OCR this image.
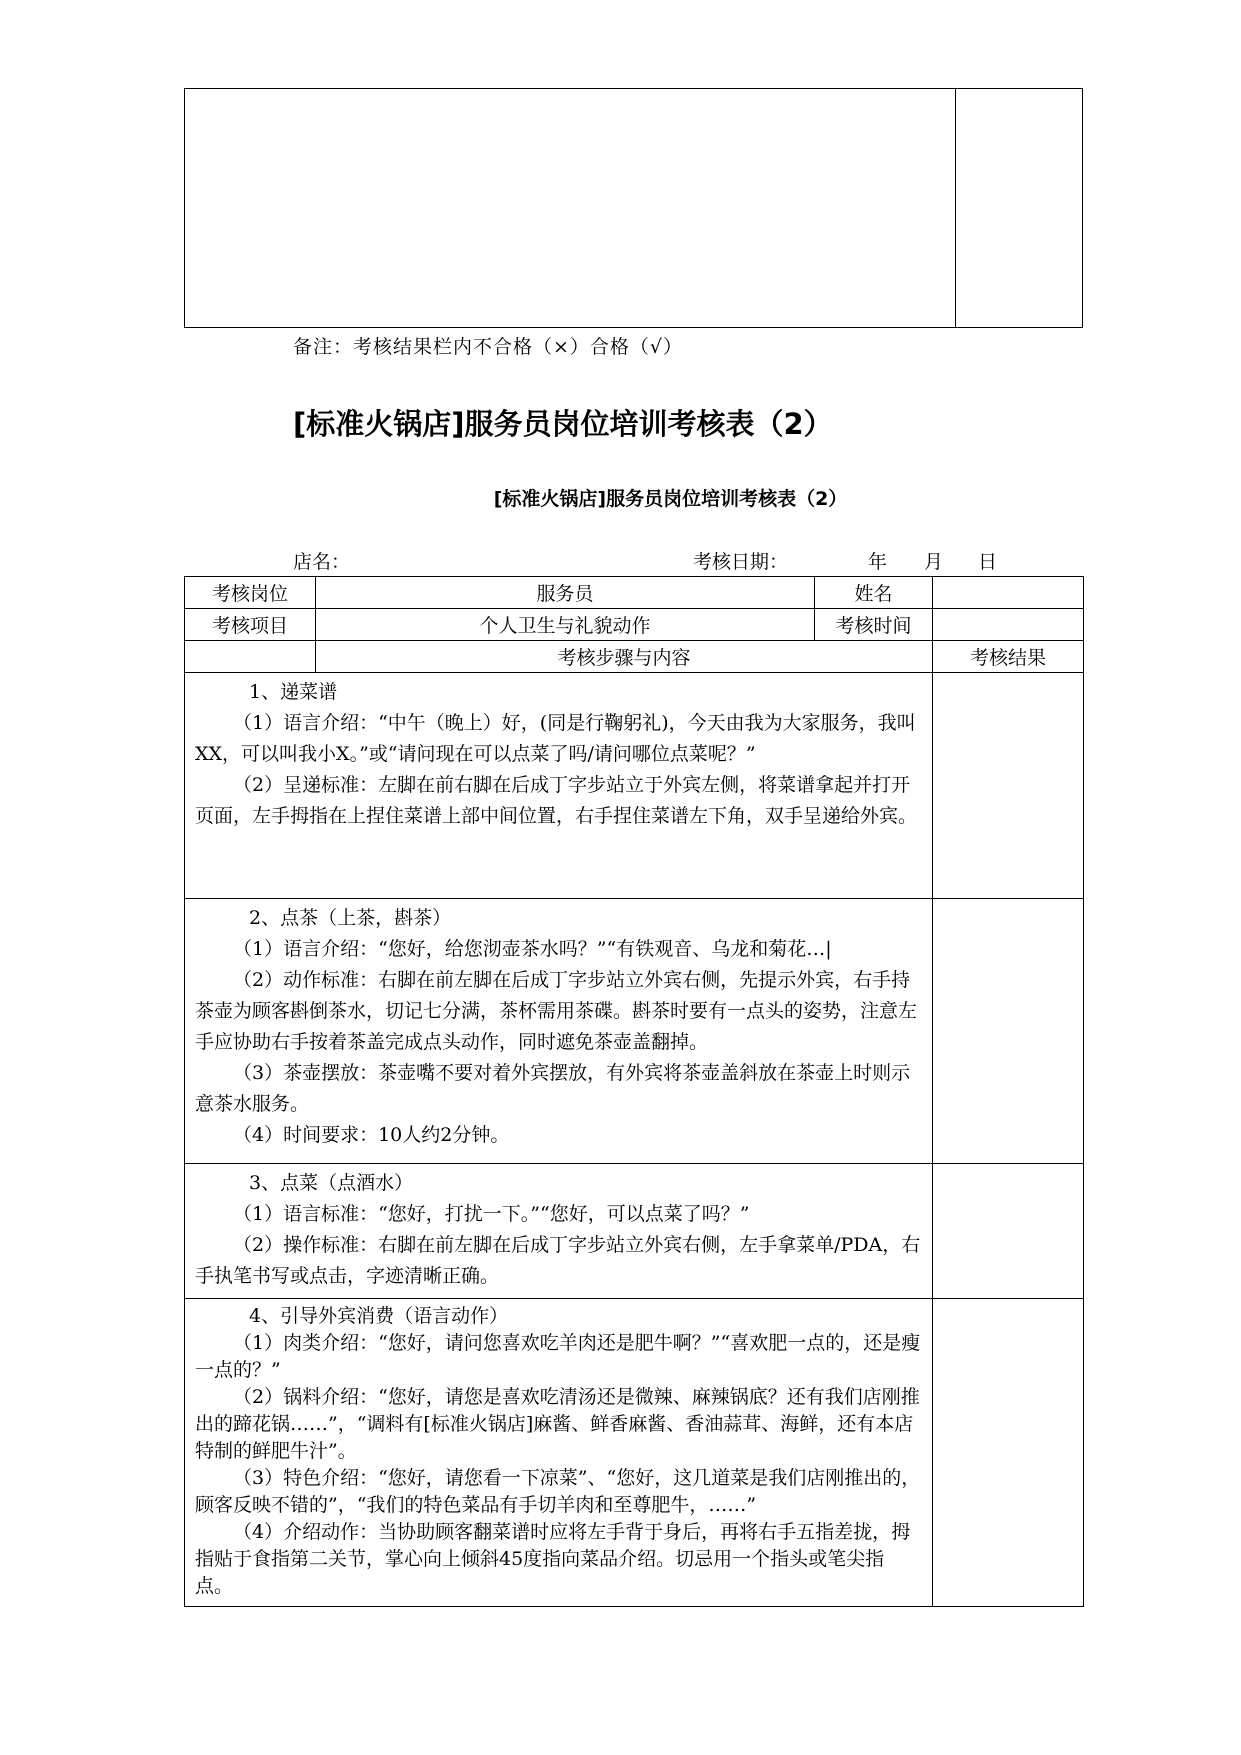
备注：考核结果栏内不合格（×）合格（√）
[标准火锅店]服务员岗位培训考核表（2）
[标准火锅店]服务员岗位培训考核表（2）
店名：	考核日期：	年 月 日
考核岗位	服务员	姓名	
考核项目	个人卫生与礼貌动作	考核时间	
	考核步骤与内容		考核结果

1、递菜谱
（1）语言介绍：“中午（晚上）好，(同是行鞠躬礼)，今天由我为大家服务，我叫XX，可以叫我小X。”或“请问现在可以点菜了吗/请问哪位点菜呢？”
（2）呈递标准：左脚在前右脚在后成丁字步站立于外宾左侧，将菜谱拿起并打开页面，左手拇指在上捏住菜谱上部中间位置，右手捏住菜谱左下角，双手呈递给外宾。			

2、点茶（上茶，斟茶）
（1）语言介绍：“您好，给您沏壶茶水吗？”“有铁观音、乌龙和菊花…|
（2）动作标准：右脚在前左脚在后成丁字步站立外宾右侧，先提示外宾，右手持茶壶为顾客斟倒茶水，切记七分满，茶杯需用茶碟。斟茶时要有一点头的姿势，注意左手应协助右手按着茶盖完成点头动作，同时遮免茶壶盖翻掉。
（3）茶壶摆放：茶壶嘴不要对着外宾摆放，有外宾将茶壶盖斜放在茶壶上时则示意茶水服务。
（4）时间要求：10人约2分钟。			

3、点菜（点酒水）
（1）语言标准：“您好，打扰一下。”“您好，可以点菜了吗？”
（2）操作标准：右脚在前左脚在后成丁字步站立外宾右侧，左手拿菜单/PDA，右手执笔书写或点击，字迹清晰正确。			

4、引导外宾消费（语言动作）
（1）肉类介绍：“您好，请问您喜欢吃羊肉还是肥牛啊？”“喜欢肥一点的，还是瘦一点的？”
（2）锅料介绍：“您好，请您是喜欢吃清汤还是微辣、麻辣锅底？还有我们店刚推出的蹄花锅……”，“调料有[标准火锅店]麻酱、鲜香麻酱、香油蒜茸、海鲜，还有本店特制的鲜肥牛汁”。
（3）特色介绍：“您好，请您看一下凉菜”、“您好，这几道菜是我们店刚推出的，顾客反映不错的”，“我们的特色菜品有手切羊肉和至尊肥牛，……”
（4）介绍动作：当协助顾客翻菜谱时应将左手背于身后，再将右手五指差拢，拇指贴于食指第二关节，掌心向上倾斜45度指向菜品介绍。切忌用一个指头或笔尖指点。			
